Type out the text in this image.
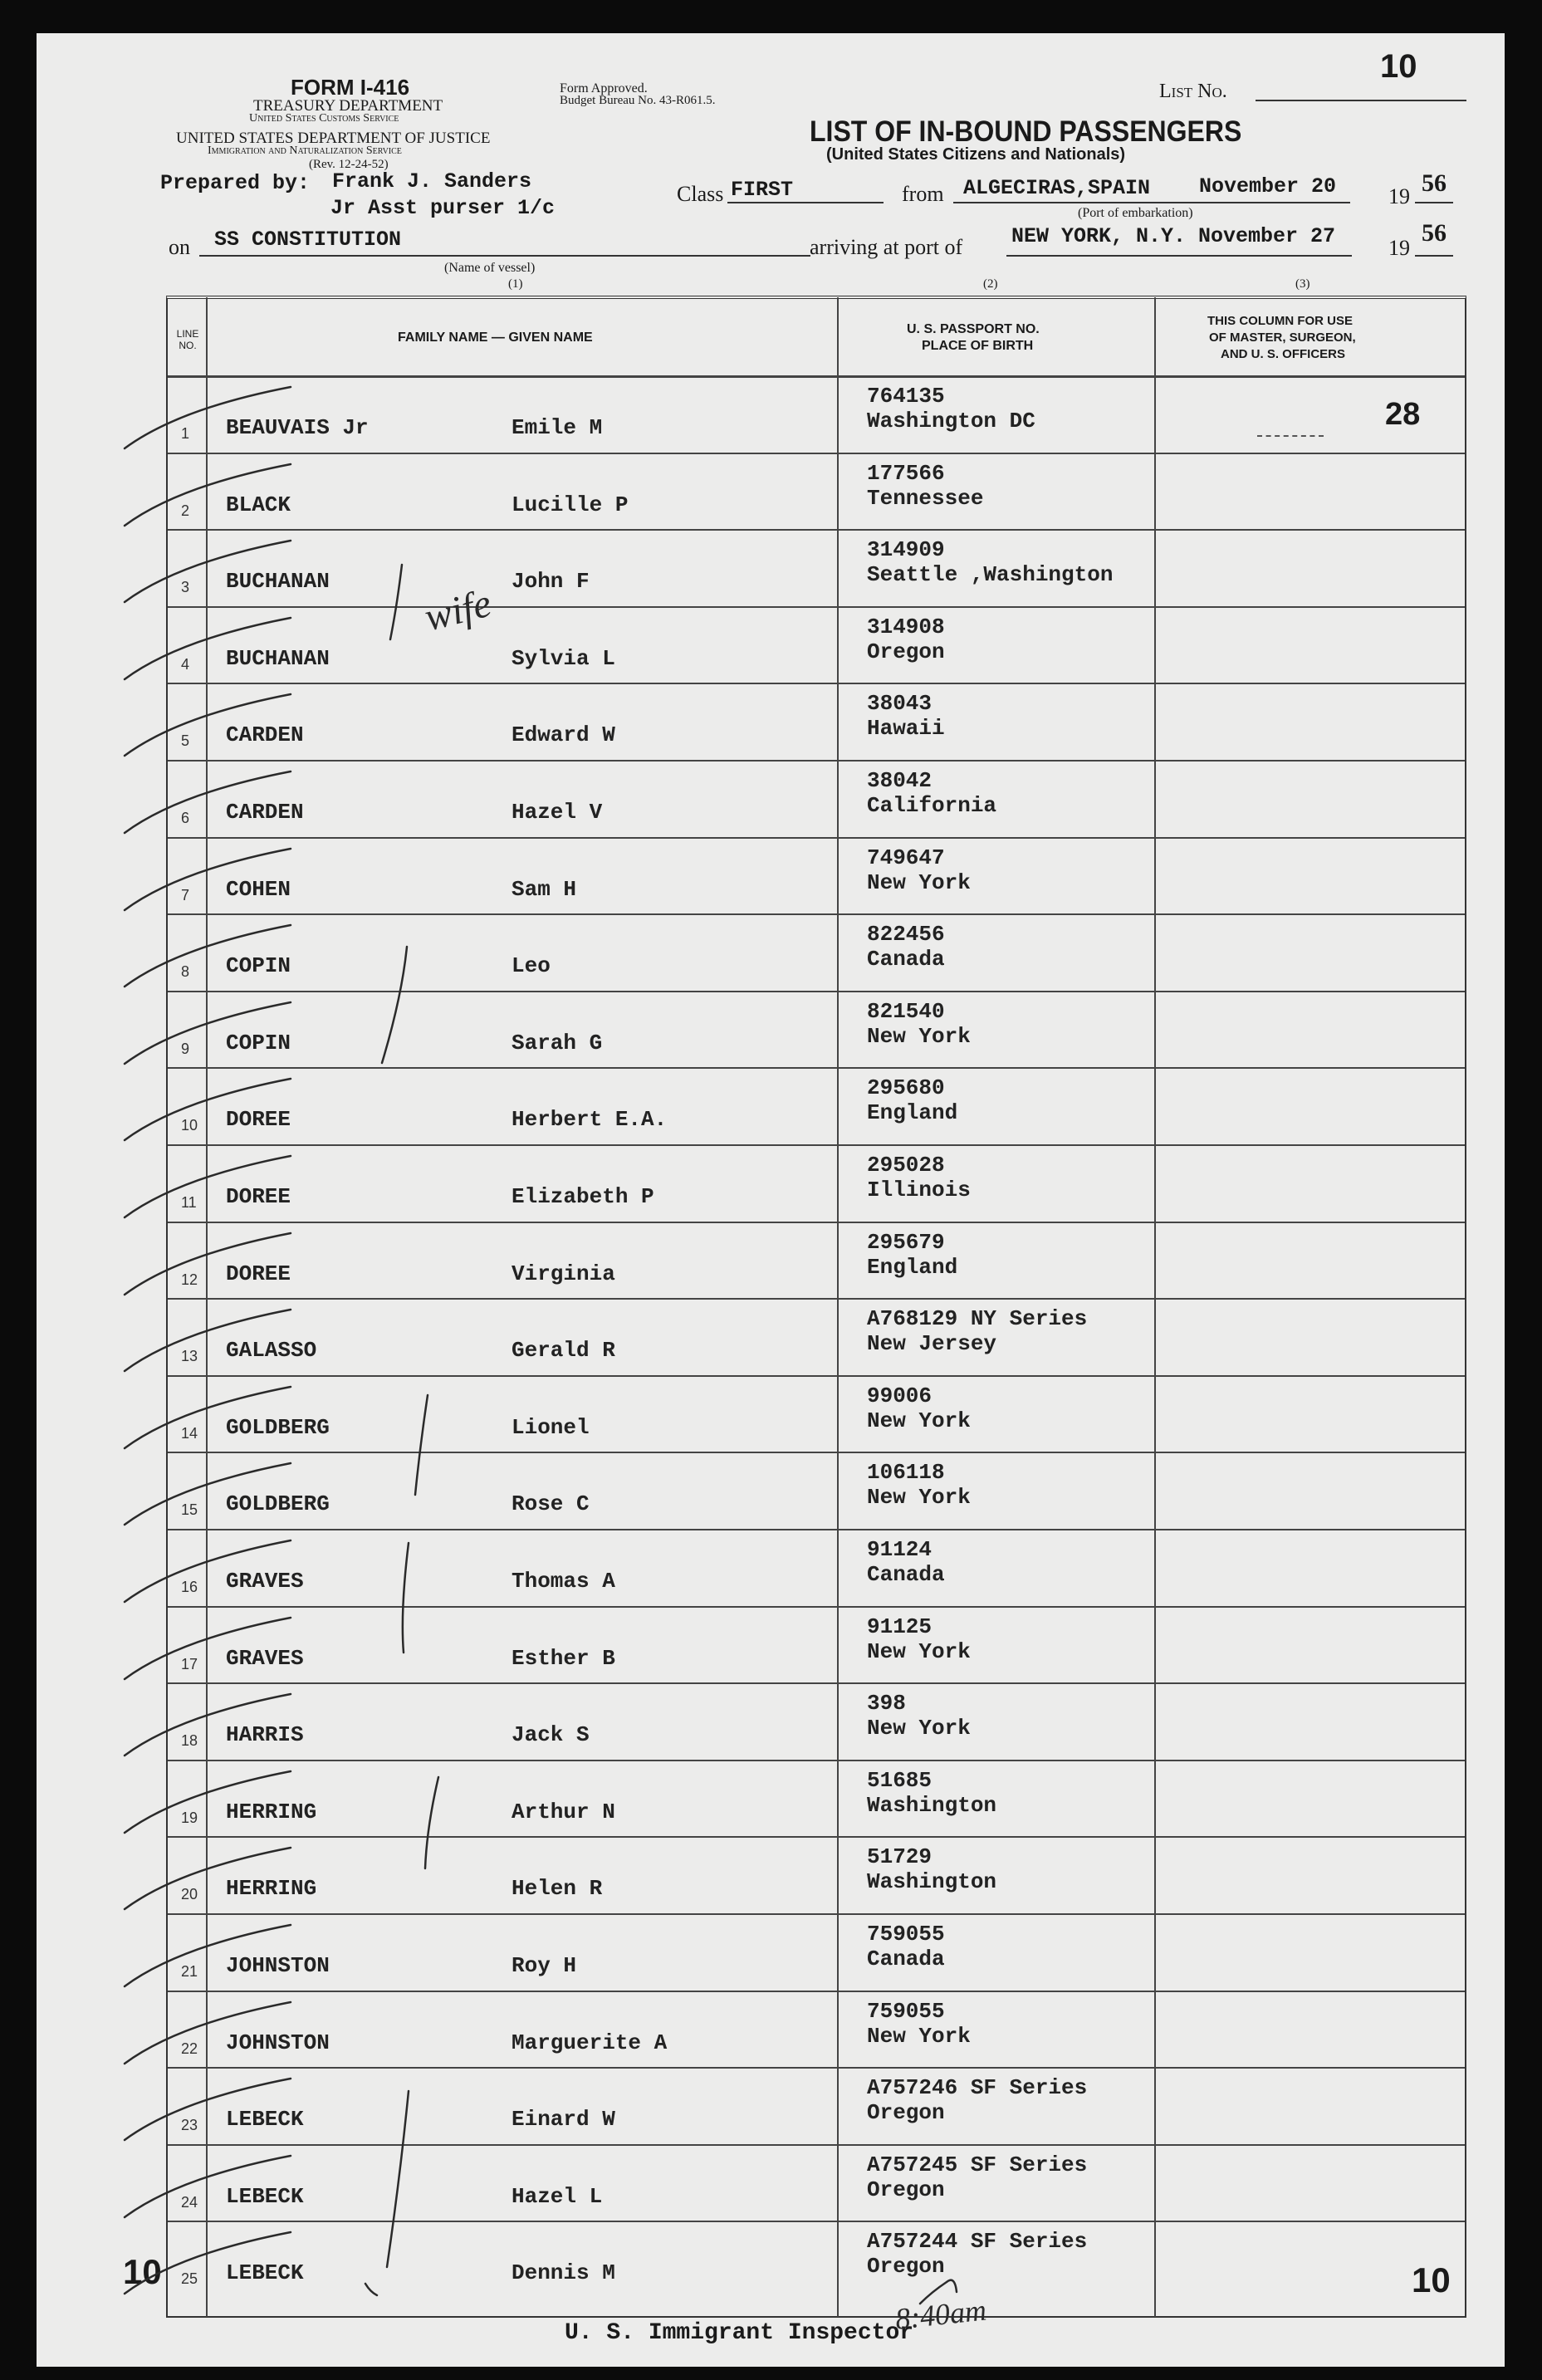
FORM I-416
TREASURY DEPARTMENT
United States Customs Service
UNITED STATES DEPARTMENT OF JUSTICE
Immigration and Naturalization Service
(Rev. 12-24-52)
Form Approved.
Budget Bureau No. 43-R061.5.	List No.
10
LIST OF IN-BOUND PASSENGERS
(United States Citizens and Nationals)
Prepared by: Frank J. Sanders
Jr Asst purser 1/c
Class FIRST	from ALGECIRAS,SPAIN November 20 19 56
(Port of embarkation)
on SS CONSTITUTION
(Name of vessel)
arriving at port of NEW YORK, N.Y. November 27 19
56
(1)	(2)	(3)
LINE NO.
FAMILY NAME — GIVEN NAME
U. S. PASSPORT NO.
PLACE OF BIRTH
THIS COLUMN FOR USE
OF MASTER, SURGEON,
AND U. S. OFFICERS
28
1 BEAUVAIS Jr	Emile M
764135
Washington DC
2 BLACK	Lucille P
177566
Tennessee
3 BUCHANAN	John F
314909
Seattle ,Washington
4 BUCHANAN	Sylvia L
314908
Oregon
5 CARDEN	Edward W
38043
Hawaii
6 CARDEN	Hazel V
38042
California
7 COHEN	Sam H
749647
New York
8 COPIN	Leo
822456
Canada
9 COPIN	Sarah G
821540
New York
10 DOREE	Herbert E.A.
295680
England
11 DOREE	Elizabeth P
295028
Illinois
12 DOREE	Virginia
295679
England
13 GALASSO	Gerald R
A768129 NY Series
New Jersey
14 GOLDBERG	Lionel
99006
New York
15 GOLDBERG	Rose C
106118
New York
16 GRAVES	Thomas A
91124
Canada
17 GRAVES	Esther B
91125
New York
18 HARRIS	Jack S
398
New York
19 HERRING	Arthur N
51685
Washington
20 HERRING	Helen R
51729
Washington
21 JOHNSTON	Roy H
759055
Canada
22 JOHNSTON	Marguerite A
759055
New York
23 LEBECK	Einard W
A757246 SF Series
Oregon
24 LEBECK	Hazel L
A757245 SF Series
Oregon
25 LEBECK	Dennis M
A757244 SF Series
Oregon
U. S. Immigrant Inspector
10	10
wife
8:40am
